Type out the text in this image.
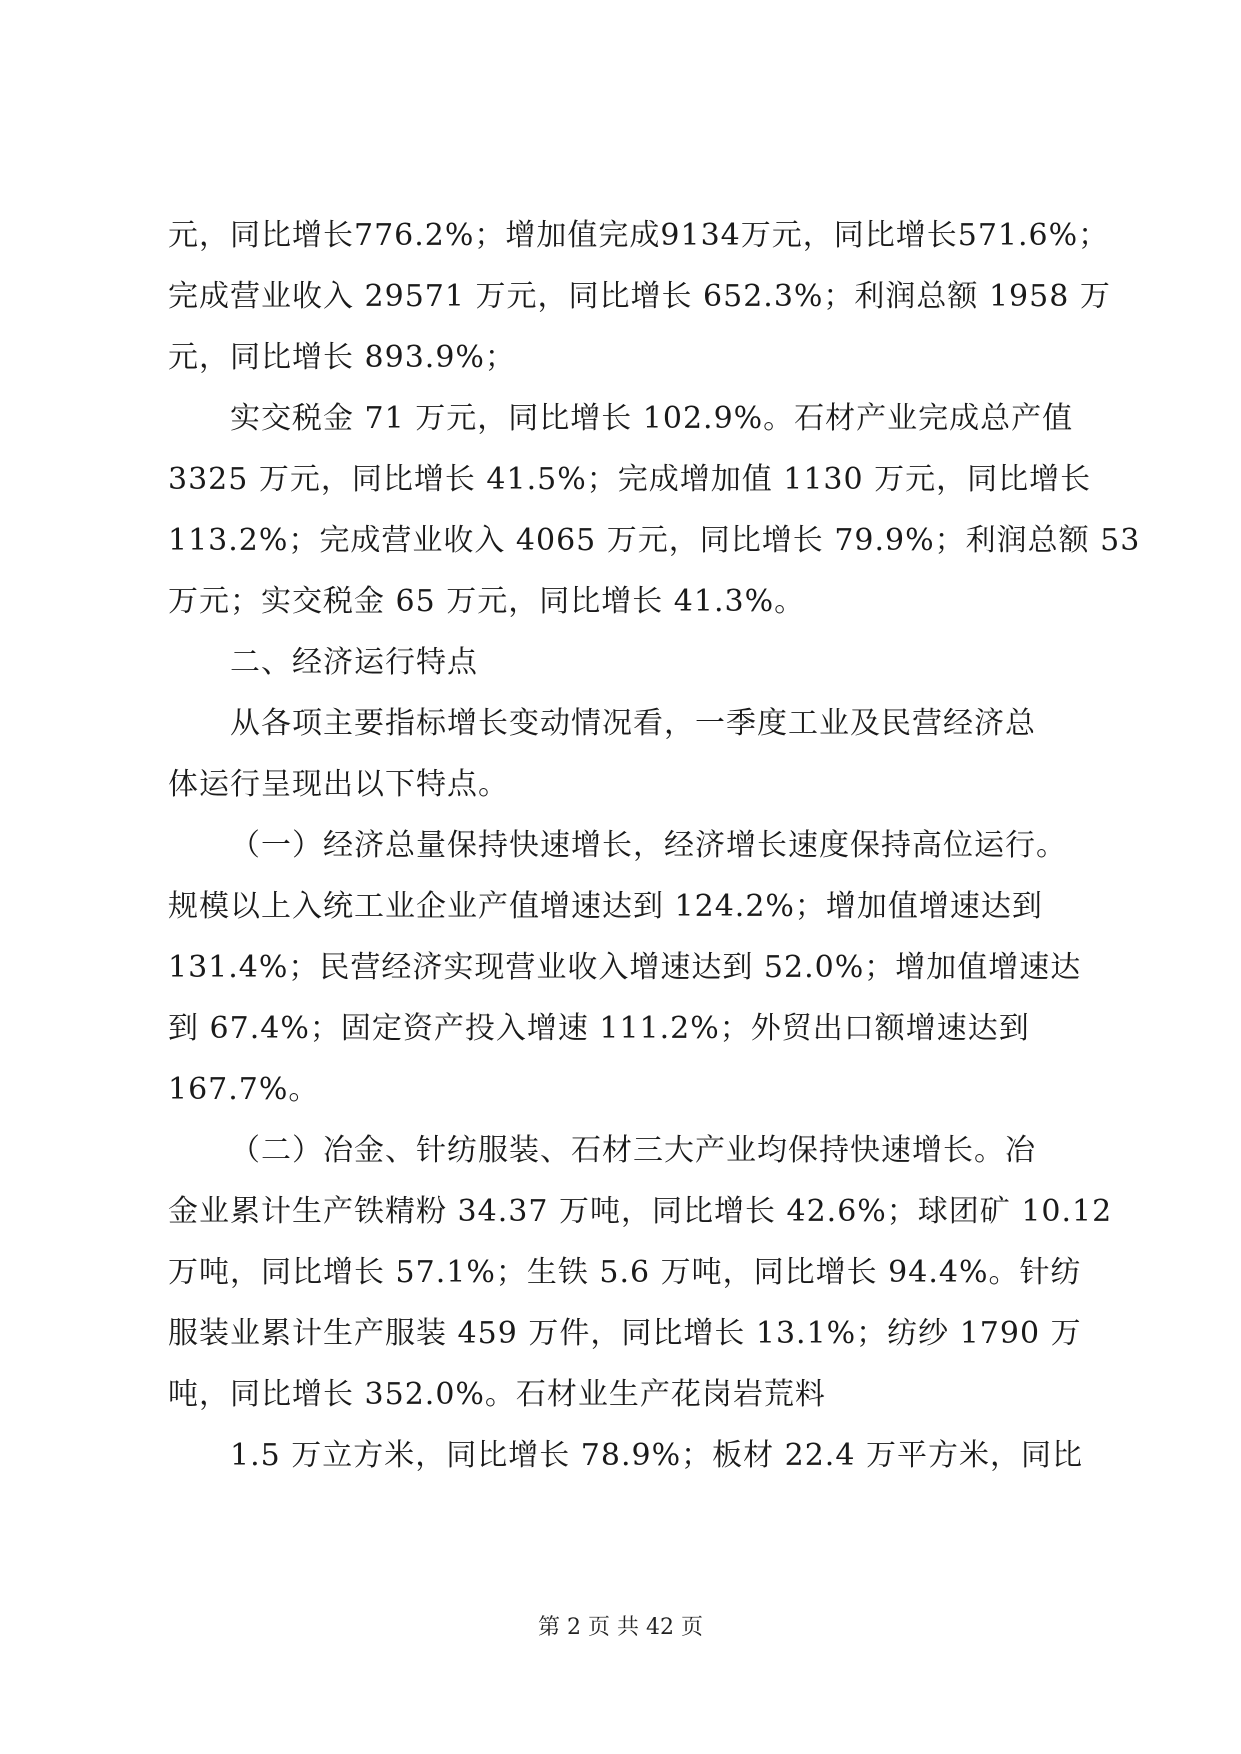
元，同比增长776.2%；增加值完成9134万元，同比增长571.6%；
完成营业收入 29571 万元，同比增长 652.3%；利润总额 1958 万
元，同比增长 893.9%；
实交税金 71 万元，同比增长 102.9%。石材产业完成总产值
3325 万元，同比增长 41.5%；完成增加值 1130 万元，同比增长
113.2%；完成营业收入 4065 万元，同比增长 79.9%；利润总额 53
万元；实交税金 65 万元，同比增长 41.3%。
二、经济运行特点
从各项主要指标增长变动情况看，一季度工业及民营经济总
体运行呈现出以下特点。
（一）经济总量保持快速增长，经济增长速度保持高位运行。
规模以上入统工业企业产值增速达到 124.2%；增加值增速达到
131.4%；民营经济实现营业收入增速达到 52.0%；增加值增速达
到 67.4%；固定资产投入增速 111.2%；外贸出口额增速达到
167.7%。
（二）冶金、针纺服装、石材三大产业均保持快速增长。冶
金业累计生产铁精粉 34.37 万吨，同比增长 42.6%；球团矿 10.12
万吨，同比增长 57.1%；生铁 5.6 万吨，同比增长 94.4%。针纺
服装业累计生产服装 459 万件，同比增长 13.1%；纺纱 1790 万
吨，同比增长 352.0%。石材业生产花岗岩荒料
1.5 万立方米，同比增长 78.9%；板材 22.4 万平方米，同比
第 2 页 共 42 页
